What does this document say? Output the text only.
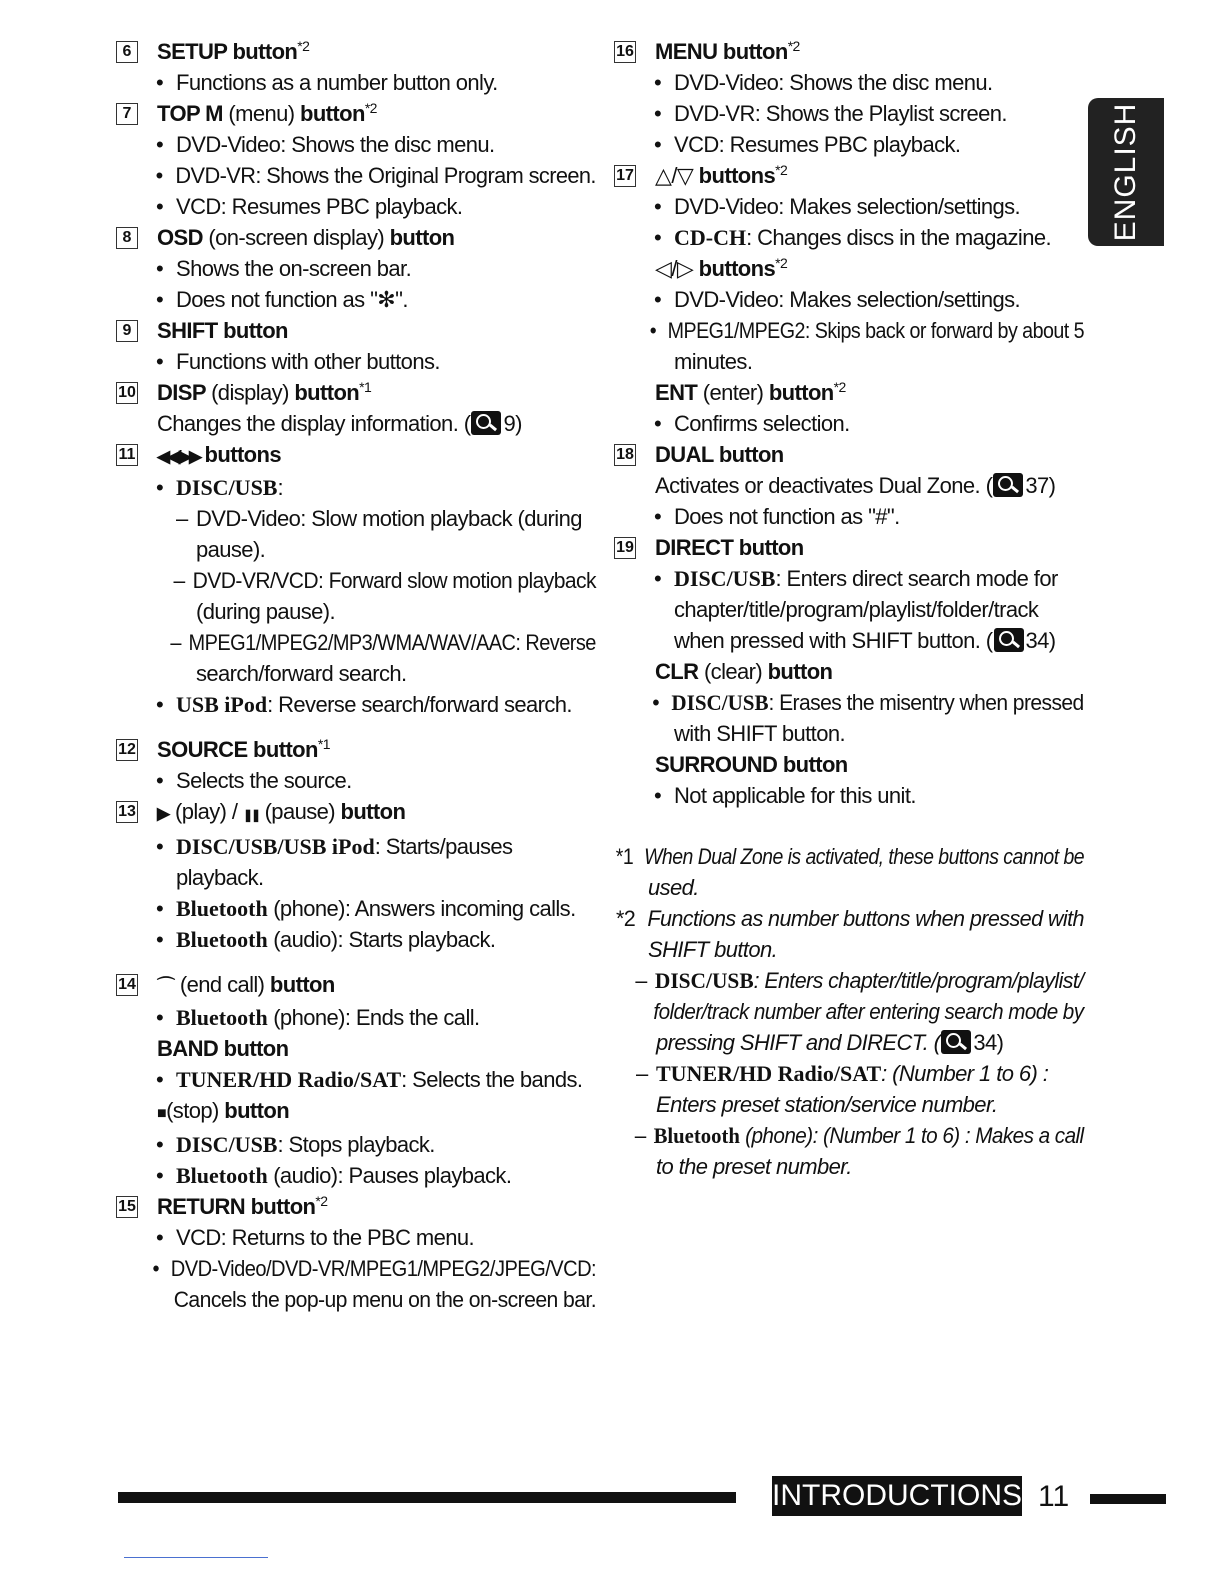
6 SETUP button$^{*2}$
• Functions as a number button only.
7 TOP M (menu) button$^{*2}$
• DVD-Video: Shows the disc menu.
• DVD-VR: Shows the Original Program screen.
• VCD: Resumes PBC playback.
8 OSD (on-screen display) button
• Shows the on-screen bar.
• Does not function as "✻".
9 SHIFT button
• Functions with other buttons.
10 DISP (display) button$^{*1}$
Changes the display information. ( 9)
11 ◀◀/▶▶ buttons
• DISC/USB:
– DVD-Video: Slow motion playback (during
pause).
– DVD-VR/VCD: Forward slow motion playback
(during pause).
– MPEG1/MPEG2/MP3/WMA/WAV/AAC: Reverse
search/forward search.
• USB iPod: Reverse search/forward search.
12 SOURCE button$^{*1}$
• Selects the source.
13 ▶ (play) / ❚❚ (pause) button
• DISC/USB/USB iPod: Starts/pauses
playback.
• Bluetooth (phone): Answers incoming calls.
• Bluetooth (audio): Starts playback.
14 ⌒ (end call) button
• Bluetooth (phone): Ends the call.
BAND button
• TUNER/HD Radio/SAT: Selects the bands.
■(stop) button
• DISC/USB: Stops playback.
• Bluetooth (audio): Pauses playback.
15 RETURN button$^{*2}$
• VCD: Returns to the PBC menu.
• DVD-Video/DVD-VR/MPEG1/MPEG2/JPEG/VCD:
Cancels the pop-up menu on the on-screen bar.
16 MENU button$^{*2}$
• DVD-Video: Shows the disc menu.
• DVD-VR: Shows the Playlist screen.
• VCD: Resumes PBC playback.
17 △/▽ buttons$^{*2}$
• DVD-Video: Makes selection/settings.
• CD-CH: Changes discs in the magazine.
◁/▷ buttons$^{*2}$
• DVD-Video: Makes selection/settings.
• MPEG1/MPEG2: Skips back or forward by about 5
minutes.
ENT (enter) button$^{*2}$
• Confirms selection.
18 DUAL button
Activates or deactivates Dual Zone. ( 37)
• Does not function as "#".
19 DIRECT button
• DISC/USB: Enters direct search mode for
chapter/title/program/playlist/folder/track
when pressed with SHIFT button. ( 34)
CLR (clear) button
• DISC/USB: Erases the misentry when pressed
with SHIFT button.
SURROUND button
• Not applicable for this unit.
*1 When Dual Zone is activated, these buttons cannot be
used.
*2 Functions as number buttons when pressed with
SHIFT button.
– DISC/USB: Enters chapter/title/program/playlist/
folder/track number after entering search mode by
pressing SHIFT and DIRECT. ( 34)
– TUNER/HD Radio/SAT: (Number 1 to 6) :
Enters preset station/service number.
– Bluetooth (phone): (Number 1 to 6) : Makes a call
to the preset number.
ENGLISH
INTRODUCTIONS 11
